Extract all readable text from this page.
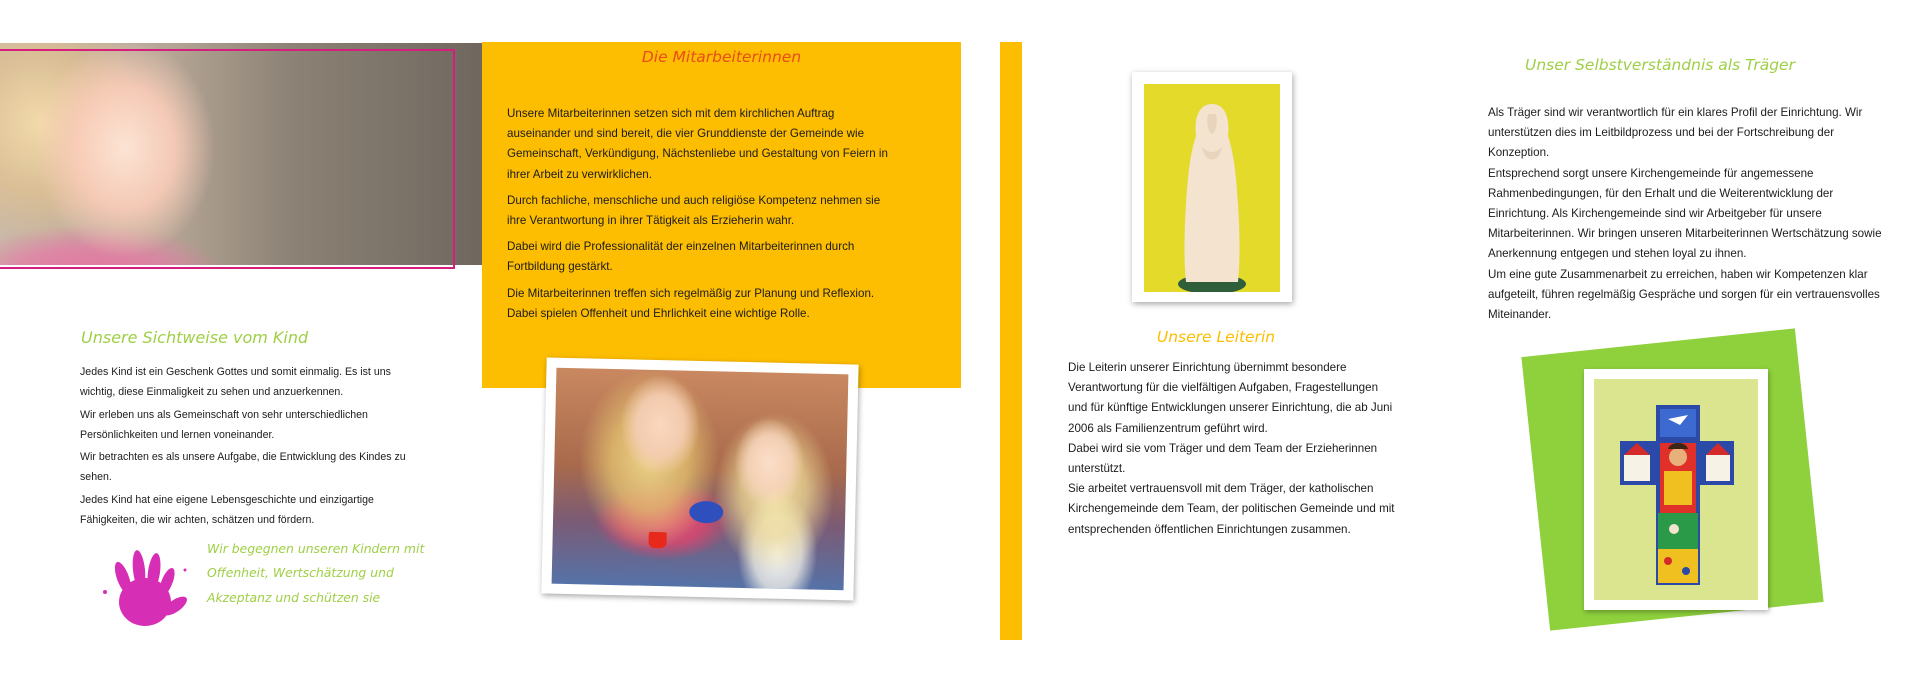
Unsere Sichtweise vom Kind

Jedes Kind ist ein Geschenk Gottes und somit einmalig. Es ist uns wichtig, diese Einmaligkeit zu sehen und anzuerkennen.

Wir erleben uns als Gemeinschaft von sehr unterschiedlichen Persönlichkeiten und lernen voneinander.

Wir betrachten es als unsere Aufgabe, die Entwicklung des Kindes zu sehen.

Jedes Kind hat eine eigene Lebensgeschichte und einzigartige Fähigkeiten, die wir achten, schätzen und fördern.

Wir begegnen unseren Kindern mit
Offenheit, Wertschätzung und
Akzeptanz und schützen sie
Die Mitarbeiterinnen

Unsere Mitarbeiterinnen setzen sich mit dem kirchlichen Auftrag auseinander und sind bereit, die vier Grunddienste der Gemeinde wie Gemeinschaft, Verkündigung, Nächstenliebe und Gestaltung von Feiern in ihrer Arbeit zu verwirklichen.

Durch fachliche, menschliche und auch religiöse Kompetenz nehmen sie ihre Verantwortung in ihrer Tätigkeit als Erzieherin wahr.

Dabei wird die Professionalität der einzelnen Mitarbeiterinnen durch Fortbildung gestärkt.

Die Mitarbeiterinnen treffen sich regelmäßig zur Planung und Reflexion. Dabei spielen Offenheit und Ehrlichkeit eine wichtige Rolle.

Unsere Leiterin

Die Leiterin unserer Einrichtung übernimmt besondere Verantwortung für die vielfältigen Aufgaben, Fragestellungen und für künftige Entwicklungen unserer Einrichtung, die ab Juni 2006 als Familienzentrum geführt wird.

Dabei wird sie vom Träger und dem Team der Erzieherinnen unterstützt.

Sie arbeitet vertrauensvoll mit dem Träger, der katholischen Kirchengemeinde dem Team, der politischen Gemeinde und mit entsprechenden öffentlichen Einrichtungen zusammen.

Unser Selbstverständnis als Träger

Als Träger sind wir verantwortlich für ein klares Profil der Einrichtung. Wir unterstützen dies im Leitbildprozess und bei der Fortschreibung der Konzeption.

Entsprechend sorgt unsere Kirchengemeinde für angemessene Rahmenbedingungen, für den Erhalt und die Weiterentwicklung der Einrichtung. Als Kirchengemeinde sind wir Arbeitgeber für unsere Mitarbeiterinnen. Wir bringen unseren Mitarbeiterinnen Wertschätzung sowie Anerkennung entgegen und stehen loyal zu ihnen.

Um eine gute Zusammenarbeit zu erreichen, haben wir Kompetenzen klar aufgeteilt, führen regelmäßig Gespräche und sorgen für ein vertrauensvolles Miteinander.
